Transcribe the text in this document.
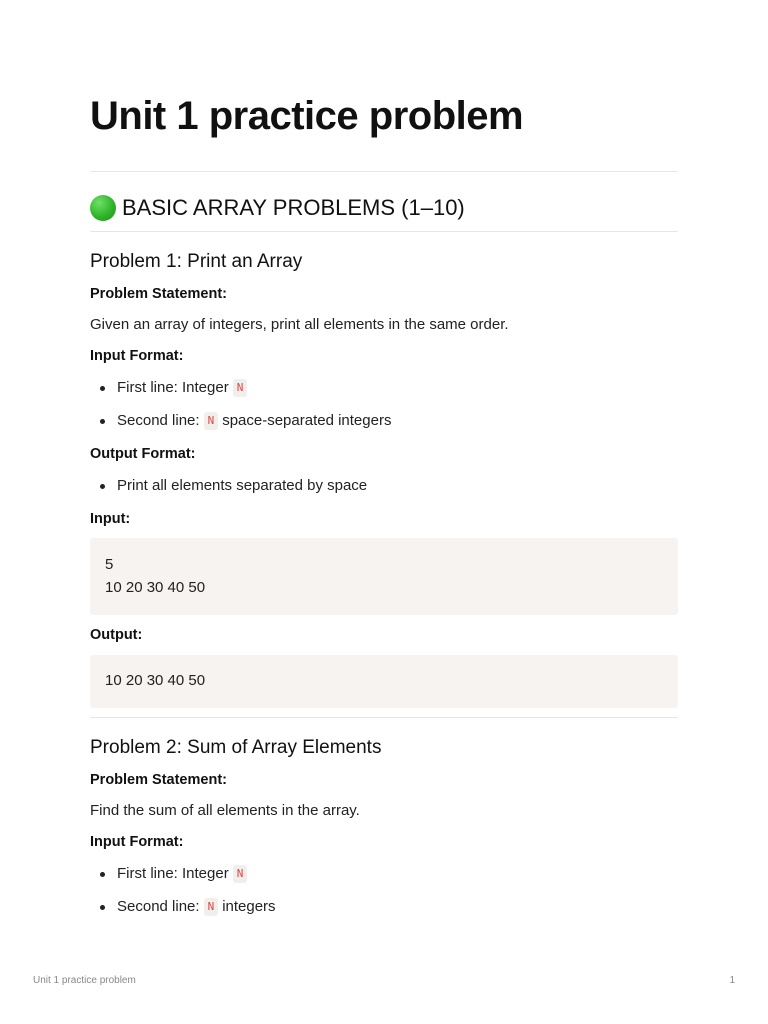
Unit 1 practice problem
BASIC ARRAY PROBLEMS (1–10)
Problem 1: Print an Array

Problem Statement:

Given an array of integers, print all elements in the same order.

Input Format:

First line: Integer N
Second line: N space-separated integers

Output Format:

Print all elements separated by space

Input:

5
10 20 30 40 50

Output:

10 20 30 40 50
Problem 2: Sum of Array Elements

Problem Statement:

Find the sum of all elements in the array.

Input Format:

First line: Integer N
Second line: N integers
Unit 1 practice problem	1
